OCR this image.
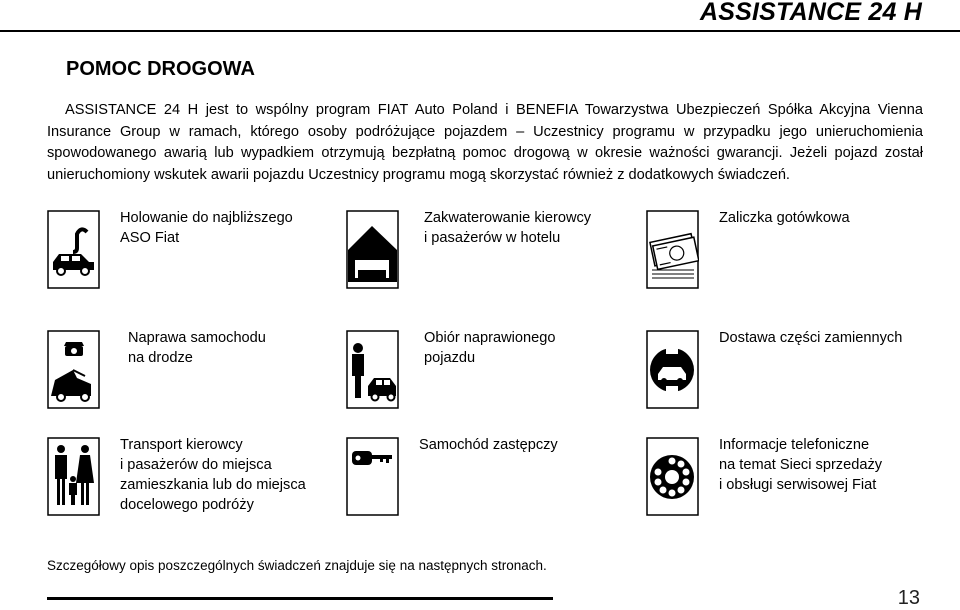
ASSISTANCE 24 H
POMOC DROGOWA
ASSISTANCE 24 H jest to wspólny program FIAT Auto Poland i BENEFIA Towarzystwa Ubezpieczeń Spółka Akcyjna Vienna Insurance Group w ramach, którego osoby podróżujące pojazdem – Uczestnicy programu w przypadku jego unieruchomienia spowodowanego awarią lub wypadkiem otrzymują bezpłatną pomoc drogową w okresie ważności gwarancji. Jeżeli pojazd został unieruchomiony wskutek awarii pojazdu Uczestnicy programu mogą skorzystać również z dodatkowych świadczeń.
Holowanie do najbliższego
ASO Fiat
Zakwaterowanie kierowcy
i pasażerów w hotelu
Zaliczka gotówkowa
Naprawa samochodu
na drodze
Obiór naprawionego
pojazdu
Dostawa części zamiennych
Transport kierowcy
i pasażerów do miejsca
zamieszkania lub do miejsca
docelowego podróży
Samochód zastępczy	Informacje telefoniczne
na temat Sieci sprzedaży
i obsługi serwisowej Fiat
Szczegółowy opis poszczególnych świadczeń znajduje się na następnych stronach.
13
